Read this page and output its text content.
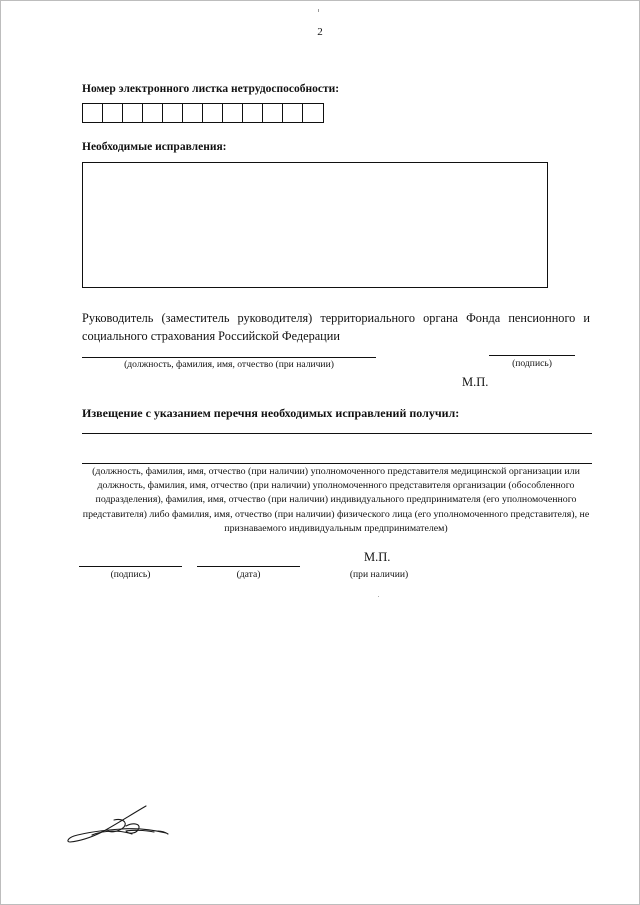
2
Номер электронного листка нетрудоспособности:
Необходимые исправления:
Руководитель (заместитель руководителя) территориального органа Фонда пенсионного и социального страхования Российской Федерации
(должность, фамилия, имя, отчество (при наличии)	(подпись)
М.П.
Извещение с указанием перечня необходимых исправлений получил:
(должность, фамилия, имя, отчество (при наличии) уполномоченного представителя медицинской организации или должность, фамилия, имя, отчество (при наличии) уполномоченного представителя организации (обособленного подразделения), фамилия, имя, отчество (при наличии) индивидуального предпринимателя (его уполномоченного представителя) либо фамилия, имя, отчество (при наличии) физического лица (его уполномоченного представителя), не признаваемого индивидуальным предпринимателем)
(подпись)	(дата)
М.П.
(при наличии)
